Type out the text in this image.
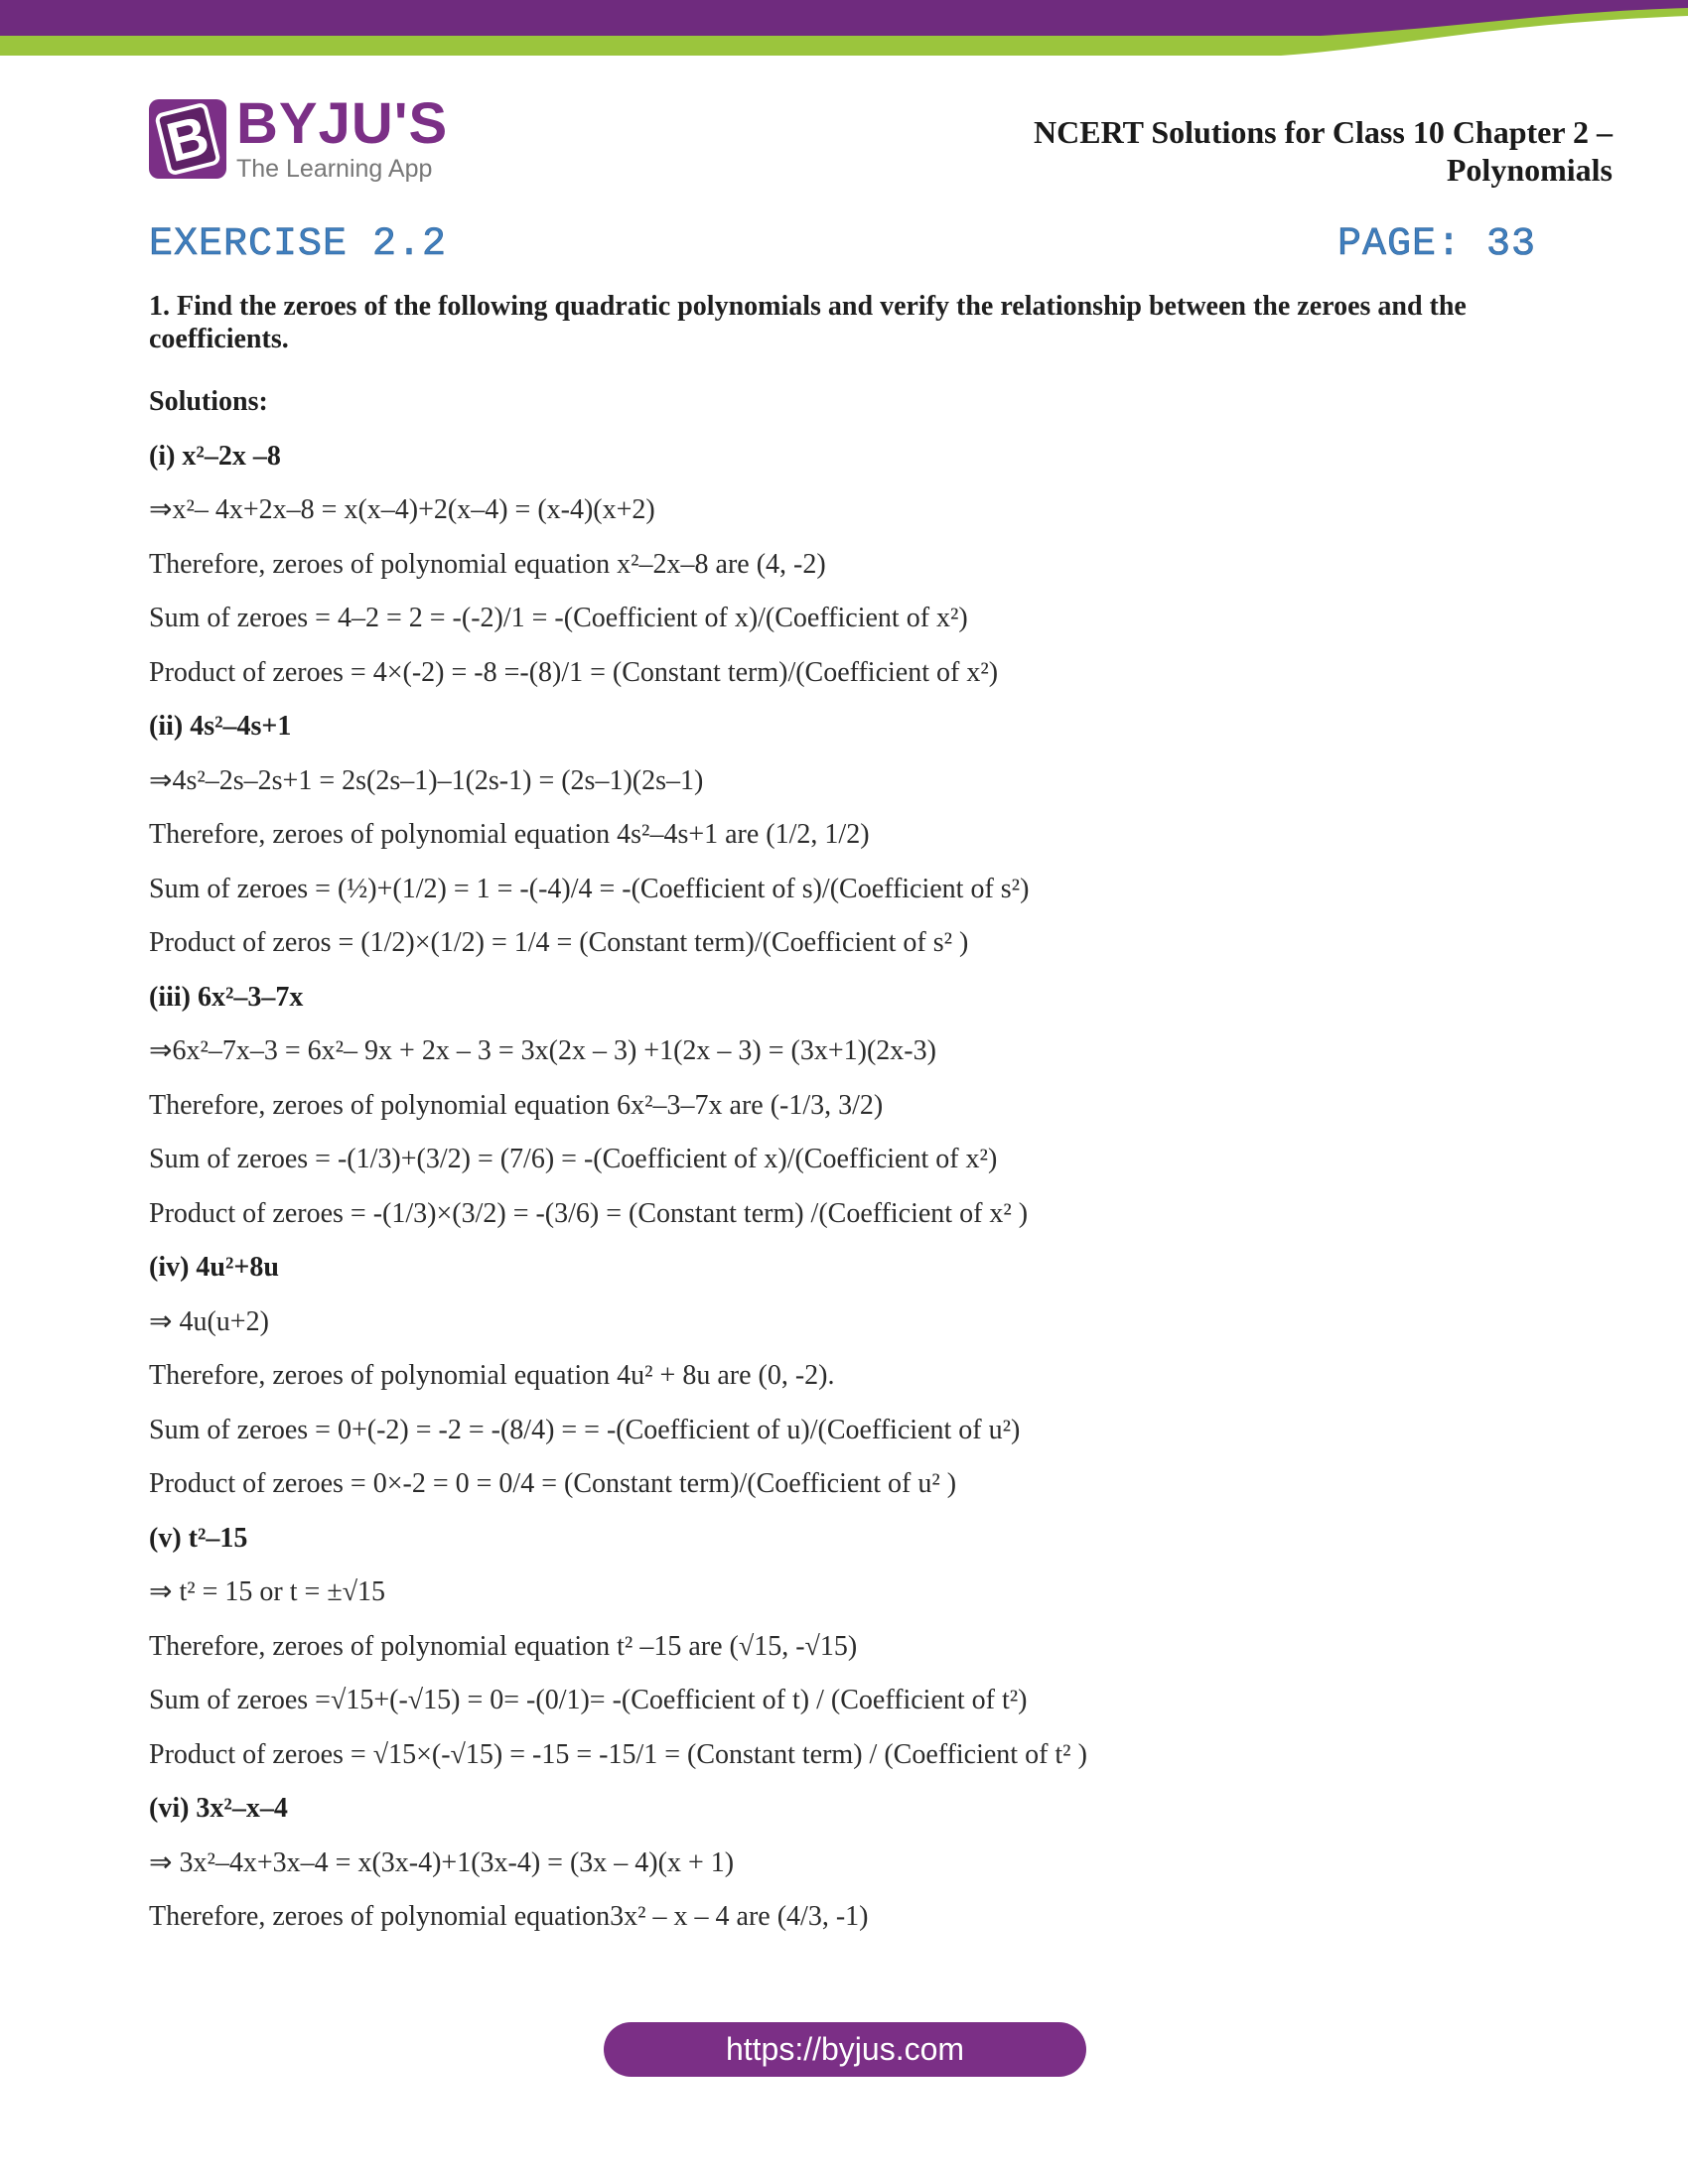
B BYJU'S
The Learning App
NCERT Solutions for Class 10 Chapter 2 –
Polynomials
EXERCISE 2.2	PAGE: 33
1. Find the zeroes of the following quadratic polynomials and verify the relationship between the zeroes and the coefficients.
Solutions:
(i) x²–2x –8
⇒x²– 4x+2x–8 = x(x–4)+2(x–4) = (x-4)(x+2)
Therefore, zeroes of polynomial equation x²–2x–8 are (4, -2)
Sum of zeroes = 4–2 = 2 = -(-2)/1 = -(Coefficient of x)/(Coefficient of x²)
Product of zeroes = 4×(-2) = -8 =-(8)/1 = (Constant term)/(Coefficient of x²)
(ii) 4s²–4s+1
⇒4s²–2s–2s+1 = 2s(2s–1)–1(2s-1) = (2s–1)(2s–1)
Therefore, zeroes of polynomial equation 4s²–4s+1 are (1/2, 1/2)
Sum of zeroes = (½)+(1/2) = 1 = -(-4)/4 = -(Coefficient of s)/(Coefficient of s²)
Product of zeros = (1/2)×(1/2) = 1/4 = (Constant term)/(Coefficient of s² )
(iii) 6x²–3–7x
⇒6x²–7x–3 = 6x²– 9x + 2x – 3 = 3x(2x – 3) +1(2x – 3) = (3x+1)(2x-3)
Therefore, zeroes of polynomial equation 6x²–3–7x are (-1/3, 3/2)
Sum of zeroes = -(1/3)+(3/2) = (7/6) = -(Coefficient of x)/(Coefficient of x²)
Product of zeroes = -(1/3)×(3/2) = -(3/6) = (Constant term) /(Coefficient of x² )
(iv) 4u²+8u
⇒ 4u(u+2)
Therefore, zeroes of polynomial equation 4u² + 8u are (0, -2).
Sum of zeroes = 0+(-2) = -2 = -(8/4) = = -(Coefficient of u)/(Coefficient of u²)
Product of zeroes = 0×-2 = 0 = 0/4 = (Constant term)/(Coefficient of u² )
(v) t²–15
⇒ t² = 15 or t = ±√15
Therefore, zeroes of polynomial equation t² –15 are (√15, -√15)
Sum of zeroes =√15+(-√15) = 0= -(0/1)= -(Coefficient of t) / (Coefficient of t²)
Product of zeroes = √15×(-√15) = -15 = -15/1 = (Constant term) / (Coefficient of t² )
(vi) 3x²–x–4
⇒ 3x²–4x+3x–4 = x(3x-4)+1(3x-4) = (3x – 4)(x + 1)
Therefore, zeroes of polynomial equation3x² – x – 4 are (4/3, -1)
https://byjus.com
